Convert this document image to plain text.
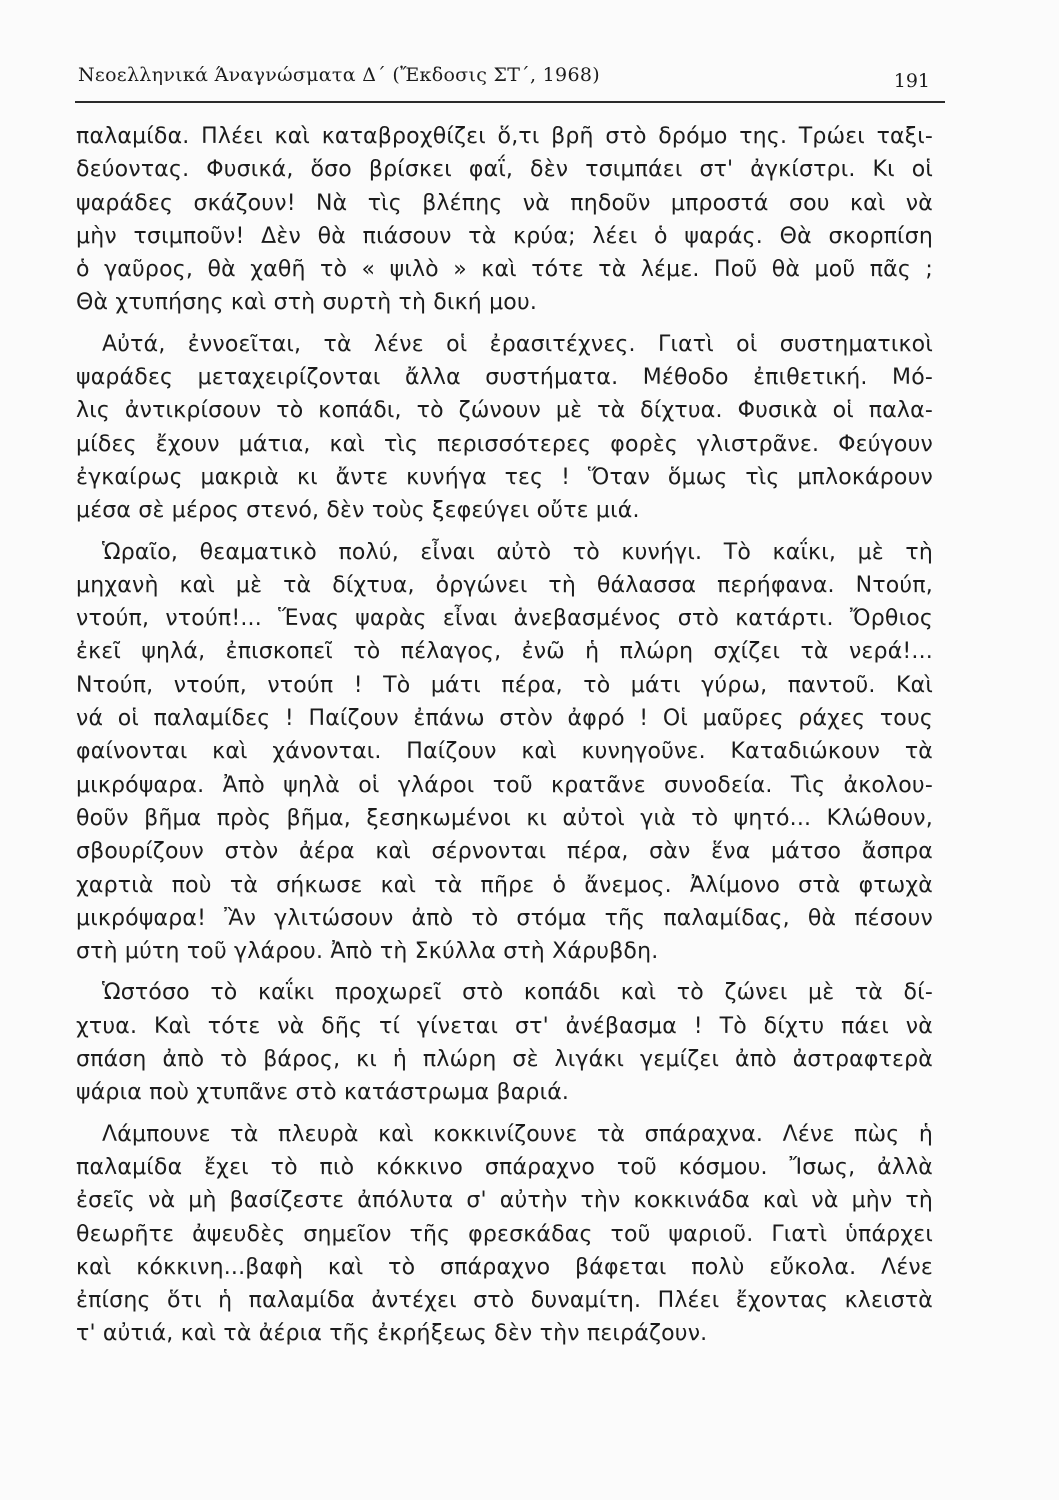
Νεοελληνικά Άναγνώσματα Δ΄ (Ἔκδοσις ΣΤ΄, 1968)	191
παλαμίδα. Πλέει καὶ καταβροχθίζει ὅ,τι βρῆ στὸ δρόμο της. Τρώει ταξι-
δεύοντας. Φυσικά, ὅσο βρίσκει φαΐ, δὲν τσιμπάει στ' ἀγκίστρι. Κι οἱ
ψαράδες σκάζουν! Νὰ τὶς βλέπης νὰ πηδοῦν μπροστά σου καὶ νὰ
μὴν τσιμποῦν! Δὲν θὰ πιάσουν τὰ κρύα; λέει ὁ ψαράς. Θὰ σκορπίση
ὁ γαῦρος, θὰ χαθῆ τὸ « ψιλὸ » καὶ τότε τὰ λέμε. Ποῦ θὰ μοῦ πᾶς ;
Θὰ χτυπήσης καὶ στὴ συρτὴ τὴ δική μου.
Αὐτά, ἐννοεῖται, τὰ λένε οἱ ἐρασιτέχνες. Γιατὶ οἱ συστηματικοὶ
ψαράδες μεταχειρίζονται ἄλλα συστήματα. Μέθοδο ἐπιθετική. Μό-
λις ἀντικρίσουν τὸ κοπάδι, τὸ ζώνουν μὲ τὰ δίχτυα. Φυσικὰ οἱ παλα-
μίδες ἔχουν μάτια, καὶ τὶς περισσότερες φορὲς γλιστρᾶνε. Φεύγουν
ἐγκαίρως μακριὰ κι ἄντε κυνήγα τες ! Ὅταν ὅμως τὶς μπλοκάρουν
μέσα σὲ μέρος στενό, δὲν τοὺς ξεφεύγει οὔτε μιά.
Ὡραῖο, θεαματικὸ πολύ, εἶναι αὐτὸ τὸ κυνήγι. Τὸ καΐκι, μὲ τὴ
μηχανὴ καὶ μὲ τὰ δίχτυα, ὀργώνει τὴ θάλασσα περήφανα. Ντούπ,
ντούπ, ντούπ!... Ἕνας ψαρὰς εἶναι ἀνεβασμένος στὸ κατάρτι. Ὄρθιος
ἐκεῖ ψηλά, ἐπισκοπεῖ τὸ πέλαγος, ἐνῶ ἡ πλώρη σχίζει τὰ νερά!...
Ντούπ, ντούπ, ντούπ ! Τὸ μάτι πέρα, τὸ μάτι γύρω, παντοῦ. Καὶ
νά οἱ παλαμίδες ! Παίζουν ἐπάνω στὸν ἀφρό ! Οἱ μαῦρες ράχες τους
φαίνονται καὶ χάνονται. Παίζουν καὶ κυνηγοῦνε. Καταδιώκουν τὰ
μικρόψαρα. Ἀπὸ ψηλὰ οἱ γλάροι τοῦ κρατᾶνε συνοδεία. Τὶς ἀκολου-
θοῦν βῆμα πρὸς βῆμα, ξεσηκωμένοι κι αὐτοὶ γιὰ τὸ ψητό... Κλώθουν,
σβουρίζουν στὸν ἀέρα καὶ σέρνονται πέρα, σὰν ἕνα μάτσο ἄσπρα
χαρτιὰ ποὺ τὰ σήκωσε καὶ τὰ πῆρε ὁ ἄνεμος. Ἀλίμονο στὰ φτωχὰ
μικρόψαρα! Ἂν γλιτώσουν ἀπὸ τὸ στόμα τῆς παλαμίδας, θὰ πέσουν
στὴ μύτη τοῦ γλάρου. Ἀπὸ τὴ Σκύλλα στὴ Χάρυβδη.
Ὡστόσο τὸ καΐκι προχωρεῖ στὸ κοπάδι καὶ τὸ ζώνει μὲ τὰ δί-
χτυα. Καὶ τότε νὰ δῆς τί γίνεται στ' ἀνέβασμα ! Τὸ δίχτυ πάει νὰ
σπάση ἀπὸ τὸ βάρος, κι ἡ πλώρη σὲ λιγάκι γεμίζει ἀπὸ ἀστραφτερὰ
ψάρια ποὺ χτυπᾶνε στὸ κατάστρωμα βαριά.
Λάμπουνε τὰ πλευρὰ καὶ κοκκινίζουνε τὰ σπάραχνα. Λένε πὼς ἡ
παλαμίδα ἔχει τὸ πιὸ κόκκινο σπάραχνο τοῦ κόσμου. Ἴσως, ἀλλὰ
ἐσεῖς νὰ μὴ βασίζεστε ἀπόλυτα σ' αὐτὴν τὴν κοκκινάδα καὶ νὰ μὴν τὴ
θεωρῆτε ἀψευδὲς σημεῖον τῆς φρεσκάδας τοῦ ψαριοῦ. Γιατὶ ὑπάρχει
καὶ κόκκινη...βαφὴ καὶ τὸ σπάραχνο βάφεται πολὺ εὔκολα. Λένε
ἐπίσης ὅτι ἡ παλαμίδα ἀντέχει στὸ δυναμίτη. Πλέει ἔχοντας κλειστὰ
τ' αὐτιά, καὶ τὰ ἀέρια τῆς ἐκρήξεως δὲν τὴν πειράζουν.
